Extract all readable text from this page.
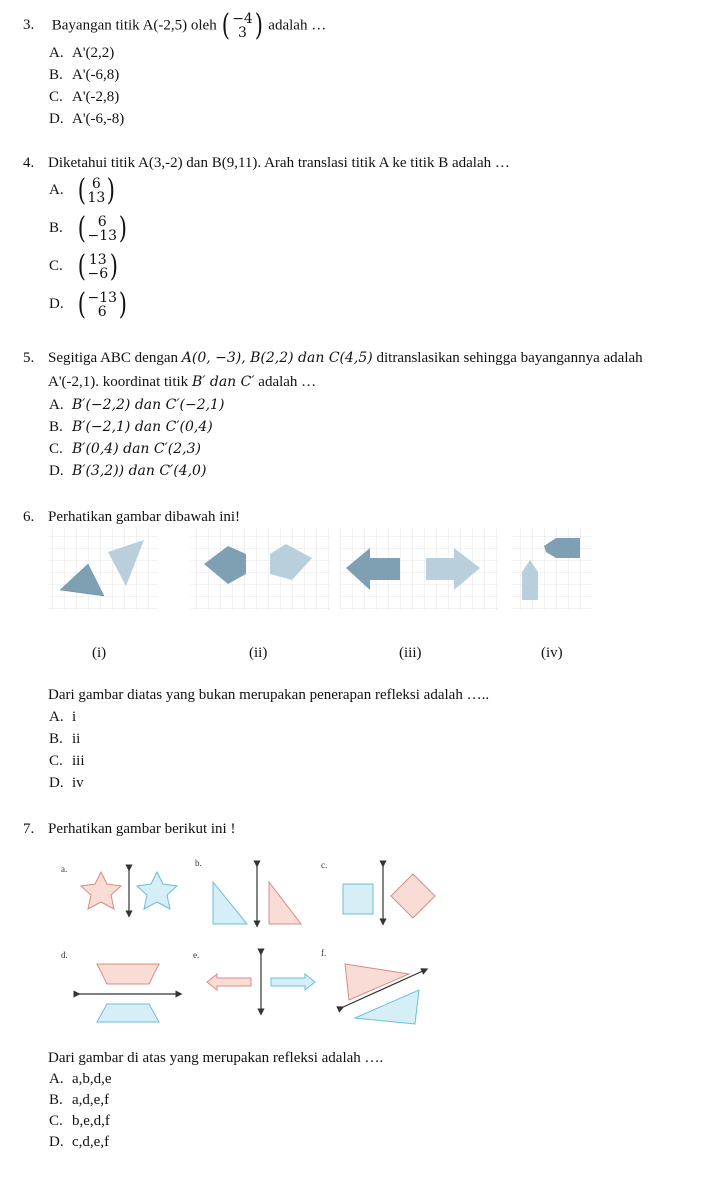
3. Bayangan titik A(-2,5) oleh ( −4
3 ) adalah …
A. A'(2,2)
B. A'(-6,8)
C. A'(-2,8)
D. A'(-6,-8)
4. Diketahui titik A(3,-2) dan B(9,11). Arah translasi titik A ke titik B adalah …
A. ( 6
13 )
B. ( 6
−13 )
C. ( 13
−6 )
D. ( −13
6 )
5. Segitiga ABC dengan A(0, −3), B(2,2) dan C(4,5) ditranslasikan sehingga bayangannya adalah
A'(-2,1). koordinat titik B′ dan C′ adalah …
A. B′(−2,2) dan C′(−2,1)
B. B′(−2,1) dan C′(0,4)
C. B′(0,4) dan C′(2,3)
D. B′(3,2)) dan C′(4,0)
6. Perhatikan gambar dibawah ini!
(i)	(ii)	(iii)	(iv)
Dari gambar diatas yang bukan merupakan penerapan refleksi adalah …..
A. i
B. ii
C. iii
D. iv
7. Perhatikan gambar berikut ini !
a.
b.	c.
d.	e.	f.
Dari gambar di atas yang merupakan refleksi adalah ….
A. a,b,d,e
B. a,d,e,f
C. b,e,d,f
D. c,d,e,f
